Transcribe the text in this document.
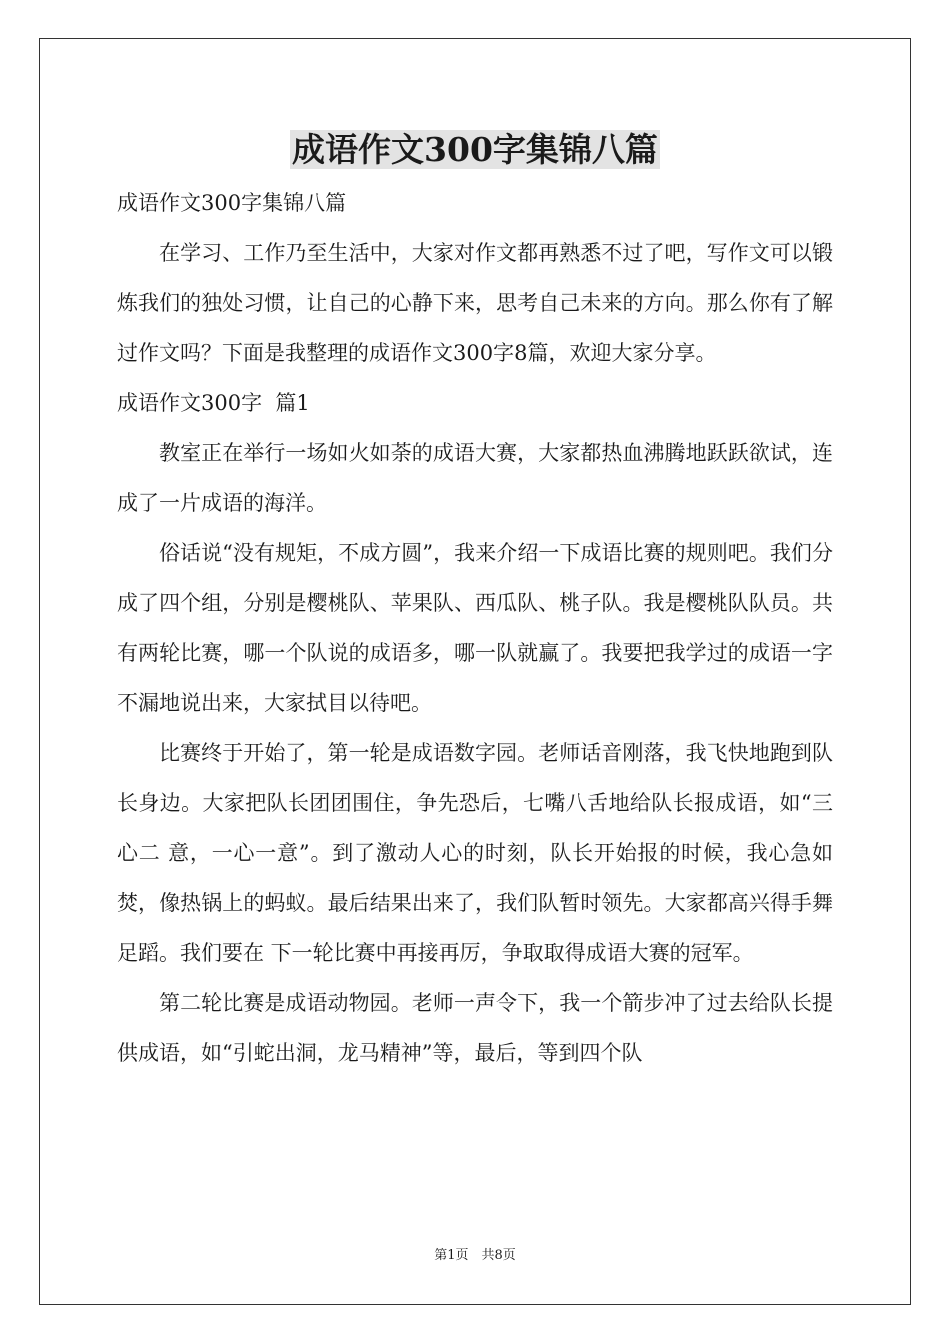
成语作文300字集锦八篇

成语作文300字集锦八篇

在学习、工作乃至生活中，大家对作文都再熟悉不过了吧，写作文可以锻炼我们的独处习惯，让自己的心静下来，思考自己未来的方向。那么你有了解过作文吗？下面是我整理的成语作文300字8篇，欢迎大家分享。

成语作文300字  篇1

教室正在举行一场如火如荼的成语大赛，大家都热血沸腾地跃跃欲试，连成了一片成语的海洋。

俗话说“没有规矩，不成方圆”，我来介绍一下成语比赛的规则吧。我们分成了四个组，分别是樱桃队、苹果队、西瓜队、桃子队。我是樱桃队队员。共有两轮比赛，哪一个队说的成语多，哪一队就赢了。我要把我学过的成语一字不漏地说出来，大家拭目以待吧。

比赛终于开始了，第一轮是成语数字园。老师话音刚落，我飞快地跑到队长身边。大家把队长团团围住，争先恐后，七嘴八舌地给队长报成语，如“三心二 意，一心一意”。到了激动人心的时刻，队长开始报的时候，我心急如焚，像热锅上的蚂蚁。最后结果出来了，我们队暂时领先。大家都高兴得手舞足蹈。我们要在 下一轮比赛中再接再厉，争取取得成语大赛的冠军。

第二轮比赛是成语动物园。老师一声令下，我一个箭步冲了过去给队长提供成语，如“引蛇出洞，龙马精神”等，最后，等到四个队

第1页　共8页
